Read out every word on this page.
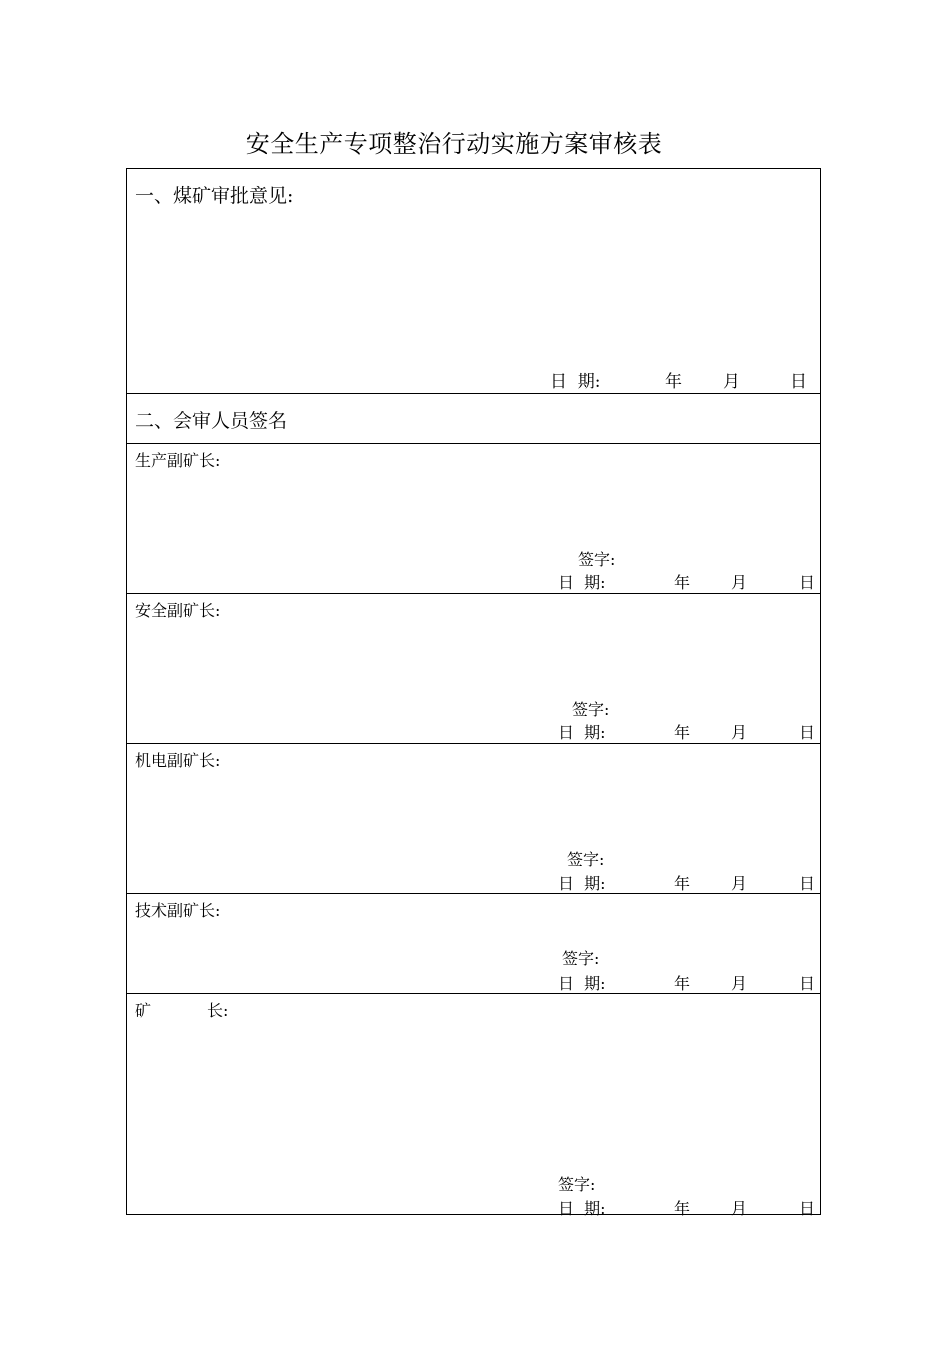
安全生产专项整治行动实施方案审核表
一、煤矿审批意见:
日  期:	年 月	日
二、会审人员签名
生产副矿长:
签字:
日  期:	年	月	日
安全副矿长:
签字:
日  期:	年	月	日
机电副矿长:
签字:
日  期:	年	月	日
技术副矿长:
签字:
日  期:	年	月	日
矿           长:
签字:
日  期:	年	月	日
